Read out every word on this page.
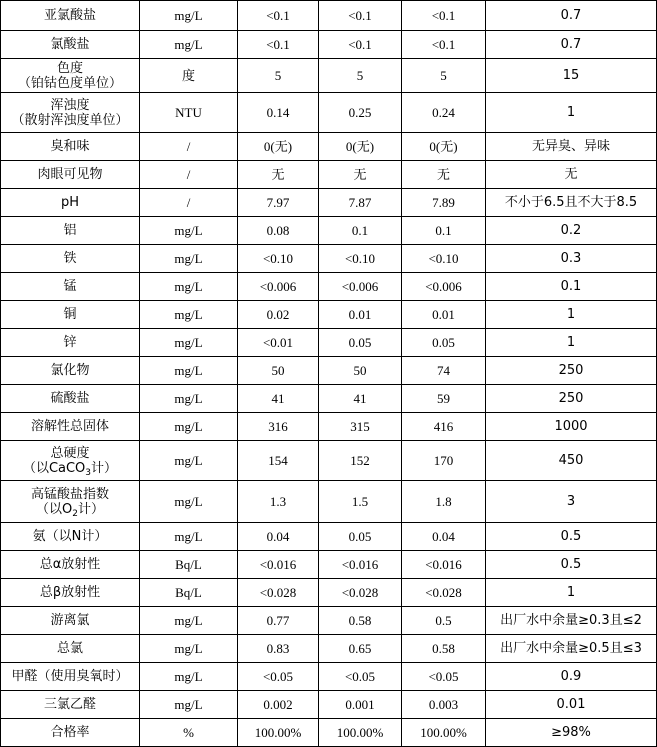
亚氯酸盐	mg/L	<0.1	<0.1	<0.1	0.7
氯酸盐	mg/L	<0.1	<0.1	<0.1	0.7

色度
（铂钴色度单位）	度	5	5	5	15

浑浊度
（散射浑浊度单位）	NTU	0.14	0.25	0.24	1
臭和味	/	0(无)	0(无)	0(无)	无异臭、异味
肉眼可见物	/	无	无	无	无
pH	/	7.97	7.87	7.89	不小于6.5且不大于8.5
铝	mg/L	0.08	0.1	0.1	0.2
铁	mg/L	<0.10	<0.10	<0.10	0.3
锰	mg/L	<0.006	<0.006	<0.006	0.1
铜	mg/L	0.02	0.01	0.01	1
锌	mg/L	<0.01	0.05	0.05	1
氯化物	mg/L	50	50	74	250
硫酸盐	mg/L	41	41	59	250
溶解性总固体	mg/L	316	315	416	1000

总硬度
（以CaCO$_3$计）	mg/L	154	152	170	450

高锰酸盐指数
（以$O_2$计）	mg/L	1.3	1.5	1.8	3
氨（以N计）	mg/L	0.04	0.05	0.04	0.5
总α放射性	Bq/L	<0.016	<0.016	<0.016	0.5
总β放射性	Bq/L	<0.028	<0.028	<0.028	1
游离氯	mg/L	0.77	0.58	0.5	出厂水中余量≥0.3且≤2
总氯	mg/L	0.83	0.65	0.58	出厂水中余量≥0.5且≤3
甲醛（使用臭氧时）	mg/L	<0.05	<0.05	<0.05	0.9
三氯乙醛	mg/L	0.002	0.001	0.003	0.01
合格率	%	100.00%	100.00%	100.00%	≥98%
